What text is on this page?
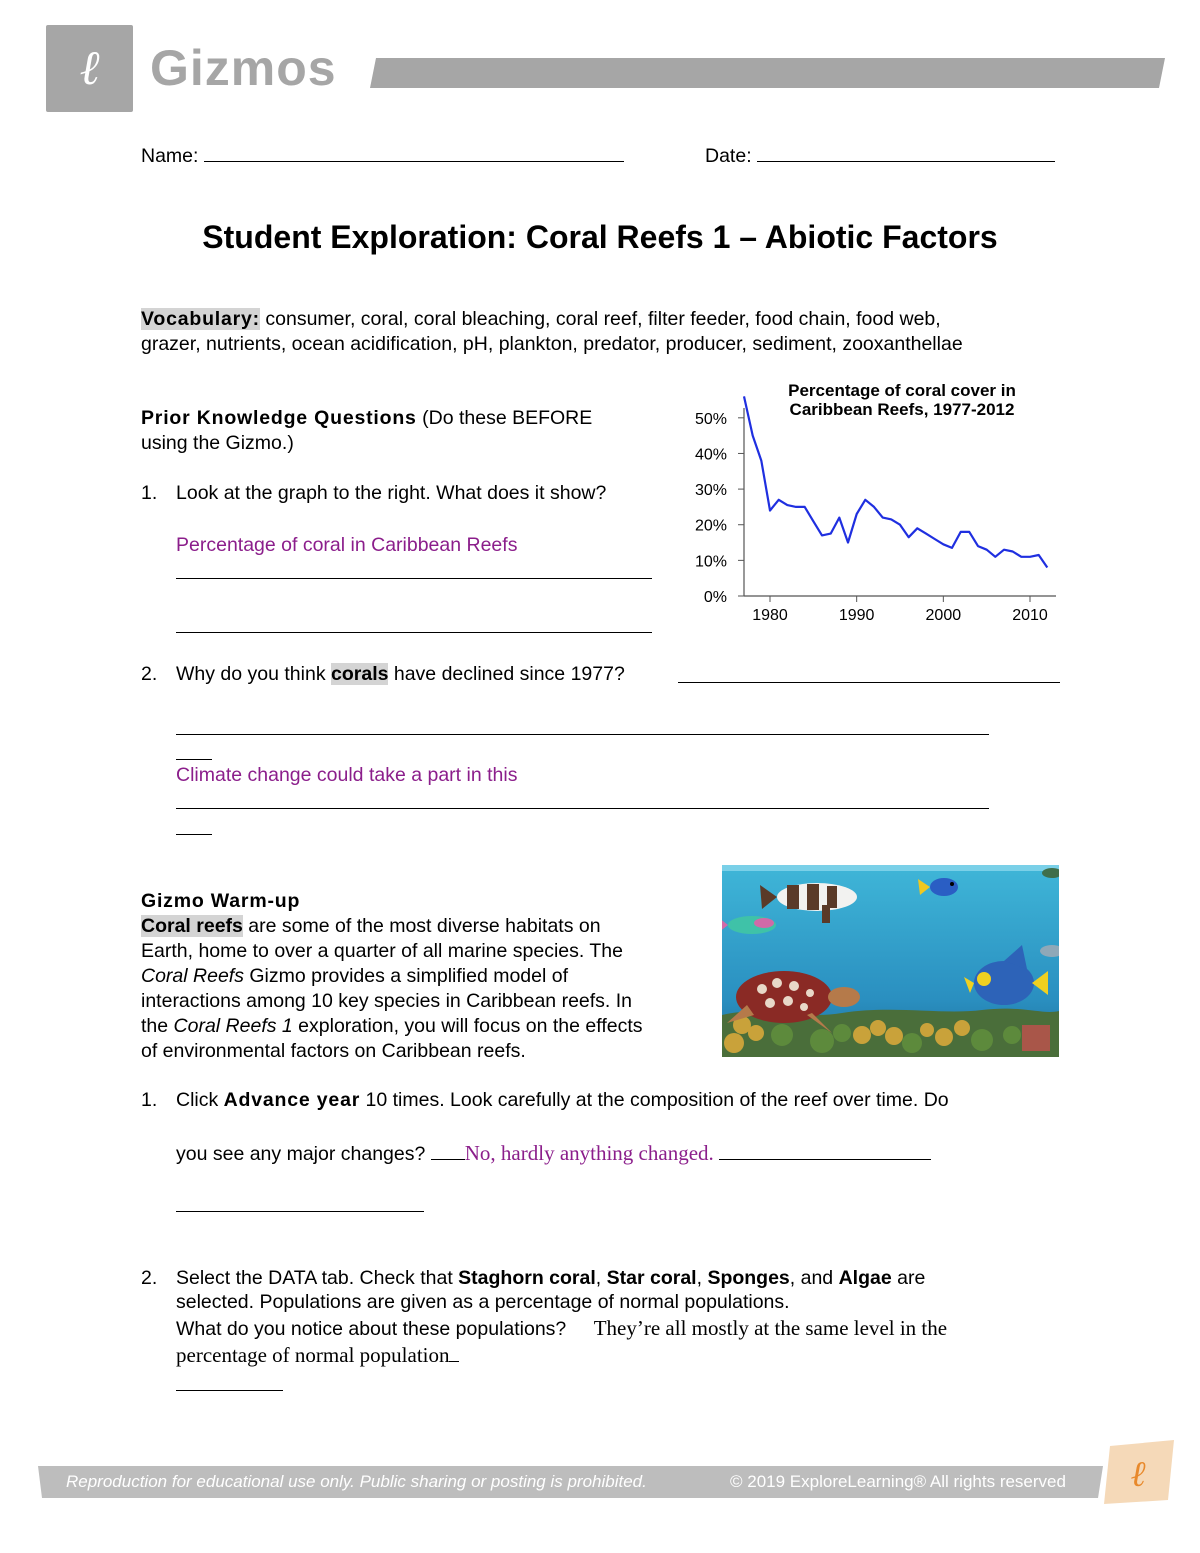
ℓ	Gizmos
Name:	Date:
Student Exploration: Coral Reefs 1 – Abiotic Factors
Vocabulary: consumer, coral, coral bleaching, coral reef, filter feeder, food chain, food web,
grazer, nutrients, ocean acidification, pH, plankton, predator, producer, sediment, zooxanthellae
Prior Knowledge Questions (Do these BEFORE
using the Gizmo.)
1. Look at the graph to the right. What does it show?
Percentage of coral in Caribbean Reefs
2. Why do you think corals have declined since 1977?
Climate change could take a part in this
Percentage of coral cover in
Caribbean Reefs, 1977-2012
50%
40%
30%
20%
10%
0%
1980	1990	2000	2010
Gizmo Warm-up
Coral reefs are some of the most diverse habitats on
Earth, home to over a quarter of all marine species. The
Coral Reefs Gizmo provides a simplified model of
interactions among 10 key species in Caribbean reefs. In
the Coral Reefs 1 exploration, you will focus on the effects
of environmental factors on Caribbean reefs.
1. Click Advance year 10 times. Look carefully at the composition of the reef over time. Do
you see any major changes? No, hardly anything changed.
2. Select the DATA tab. Check that Staghorn coral, Star coral, Sponges, and Algae are
selected. Populations are given as a percentage of normal populations.
What do you notice about these populations? They’re all mostly at the same level in the
percentage of normal population
Reproduction for educational use only. Public sharing or posting is prohibited.	© 2019 ExploreLearning® All rights reserved ℓ
